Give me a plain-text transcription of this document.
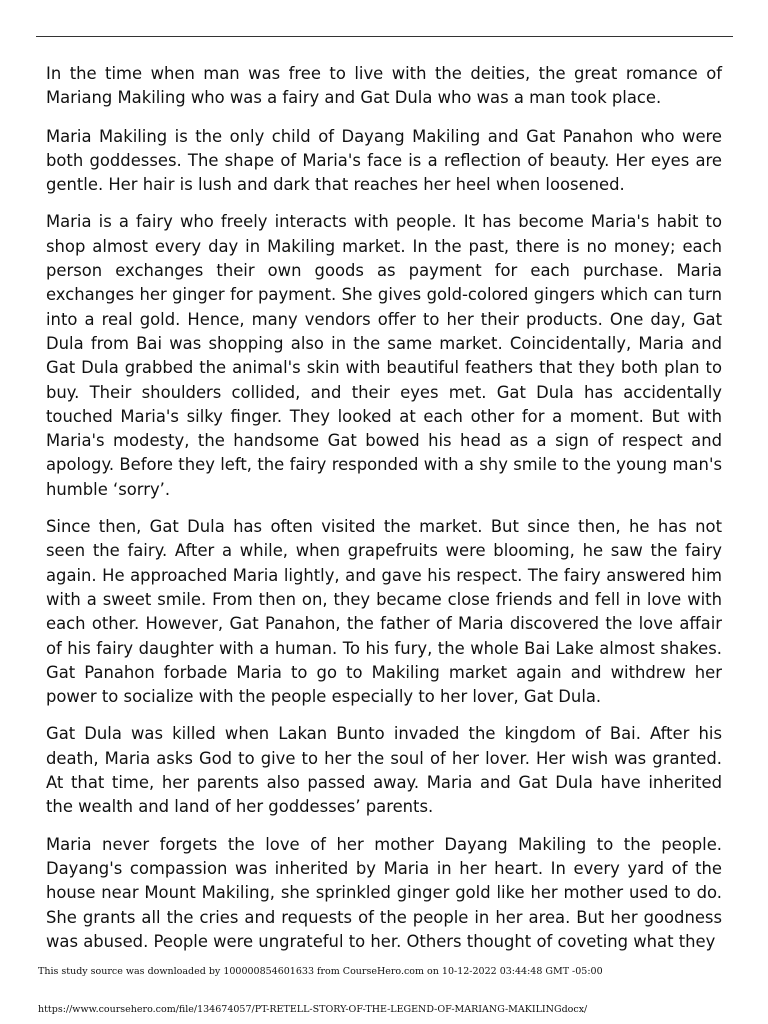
In the time when man was free to live with the deities, the great romance of Mariang Makiling who was a fairy and Gat Dula who was a man took place.

Maria Makiling is the only child of Dayang Makiling and Gat Panahon who were both goddesses. The shape of Maria's face is a reflection of beauty. Her eyes are gentle. Her hair is lush and dark that reaches her heel when loosened.

Maria is a fairy who freely interacts with people. It has become Maria's habit to shop almost every day in Makiling market. In the past, there is no money; each person exchanges their own goods as payment for each purchase. Maria exchanges her ginger for payment. She gives gold-colored gingers which can turn into a real gold. Hence, many vendors offer to her their products. One day, Gat Dula from Bai was shopping also in the same market. Coincidentally, Maria and Gat Dula grabbed the animal's skin with beautiful feathers that they both plan to buy. Their shoulders collided, and their eyes met. Gat Dula has accidentally touched Maria's silky finger. They looked at each other for a moment. But with Maria's modesty, the handsome Gat bowed his head as a sign of respect and apology. Before they left, the fairy responded with a shy smile to the young man's humble ‘sorry’.

Since then, Gat Dula has often visited the market. But since then, he has not seen the fairy. After a while, when grapefruits were blooming, he saw the fairy again. He approached Maria lightly, and gave his respect. The fairy answered him with a sweet smile. From then on, they became close friends and fell in love with each other. However, Gat Panahon, the father of Maria discovered the love affair of his fairy daughter with a human. To his fury, the whole Bai Lake almost shakes. Gat Panahon forbade Maria to go to Makiling market again and withdrew her power to socialize with the people especially to her lover, Gat Dula.

Gat Dula was killed when Lakan Bunto invaded the kingdom of Bai. After his death, Maria asks God to give to her the soul of her lover. Her wish was granted. At that time, her parents also passed away. Maria and Gat Dula have inherited the wealth and land of her goddesses’ parents.

Maria never forgets the love of her mother Dayang Makiling to the people. Dayang's compassion was inherited by Maria in her heart. In every yard of the house near Mount Makiling, she sprinkled ginger gold like her mother used to do. She grants all the cries and requests of the people in her area. But her goodness was abused. People were ungrateful to her. Others thought of coveting what they

This study source was downloaded by 100000854601633 from CourseHero.com on 10-12-2022 03:44:48 GMT -05:00
https://www.coursehero.com/file/134674057/PT-RETELL-STORY-OF-THE-LEGEND-OF-MARIANG-MAKILINGdocx/
